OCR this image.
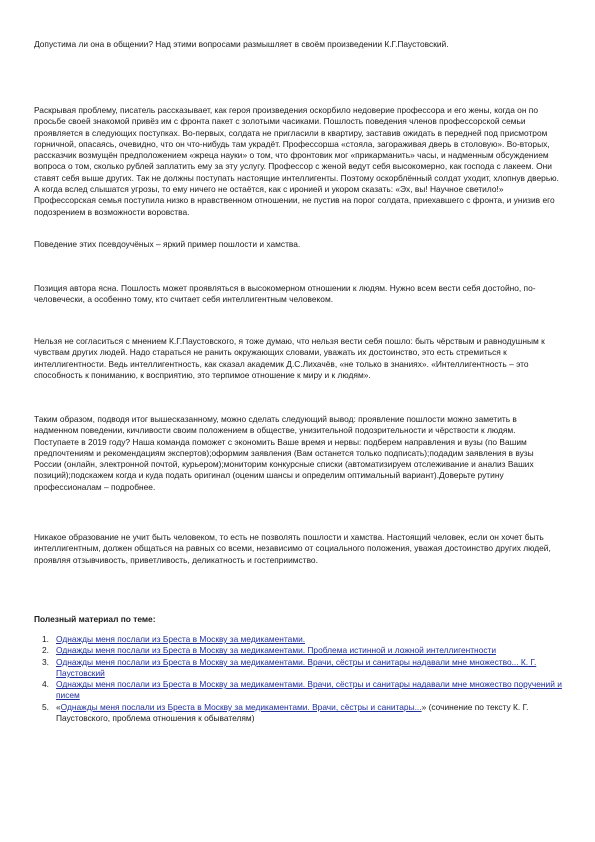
Допустима ли она в общении? Над этими вопросами размышляет в своём произведении К.Г.Паустовский.

Раскрывая проблему, писатель рассказывает, как героя произведения оскорбило недоверие профессора и его жены, когда он по просьбе своей знакомой привёз им с фронта пакет с золотыми часиками. Пошлость поведения членов профессорской семьи проявляется в следующих поступках. Во-первых, солдата не пригласили в квартиру, заставив ожидать в передней под присмотром горничной, опасаясь, очевидно, что он что-нибудь там украдёт. Профессорша «стояла, загораживая дверь в столовую». Во-вторых, рассказчик возмущён предположением «жреца науки» о том, что фронтовик мог «прикарманить» часы, и надменным обсуждением вопроса о том, сколько рублей заплатить ему за эту услугу. Профессор с женой ведут себя высокомерно, как господа с лакеем. Они ставят себя выше других. Так не должны поступать настоящие интеллигенты. Поэтому оскорблённый солдат уходит, хлопнув дверью. А когда вслед слышатся угрозы, то ему ничего не остаётся, как с иронией и укором сказать: «Эх, вы! Научное светило!» Профессорская семья поступила низко в нравственном отношении, не пустив на порог солдата, приехавшего с фронта, и унизив его подозрением в возможности воровства.

Поведение этих псевдоучёных – яркий пример пошлости и хамства.

Позиция автора ясна. Пошлость может проявляться в высокомерном отношении к людям. Нужно всем вести себя достойно, по-человечески, а особенно тому, кто считает себя интеллигентным человеком.

Нельзя не согласиться с мнением К.Г.Паустовского, я тоже думаю, что нельзя вести себя пошло: быть чёрствым и равнодушным к чувствам других людей. Надо стараться не ранить окружающих словами, уважать их достоинство, это есть стремиться к интеллигентности. Ведь интеллигентность, как сказал академик Д.С.Лихачёв, «не только в знаниях». «Интеллигентность – это способность к пониманию, к восприятию, это терпимое отношение к миру и к людям».

Таким образом, подводя итог вышесказанному, можно сделать следующий вывод: проявление пошлости можно заметить в надменном поведении, кичливости своим положением в обществе, унизительной подозрительности и чёрствости к людям. Поступаете в 2019 году? Наша команда поможет с экономить Ваше время и нервы: подберем направления и вузы (по Вашим предпочтениям и рекомендациям экспертов);оформим заявления (Вам останется только подписать);подадим заявления в вузы России (онлайн, электронной почтой, курьером);мониторим конкурсные списки (автоматизируем отслеживание и анализ Ваших позиций);подскажем когда и куда подать оригинал (оценим шансы и определим оптимальный вариант).Доверьте рутину профессионалам – подробнее.

Никакое образование не учит быть человеком, то есть не позволять пошлости и хамства. Настоящий человек, если он хочет быть интеллигентным, должен общаться на равных со всеми, независимо от социального положения, уважая достоинство других людей, проявляя отзывчивость, приветливость, деликатность и гостеприимство.

Полезный материал по теме:
1. Однажды меня послали из Бреста в Москву за медикаментами.
2. Однажды меня послали из Бреста в Москву за медикаментами. Проблема истинной и ложной интеллигентности
3. Однажды меня послали из Бреста в Москву за медикаментами. Врачи, сёстры и санитары надавали мне множество... К. Г. Паустовский
4. Однажды меня послали из Бреста в Москву за медикаментами. Врачи, сёстры и санитары надавали мне множество поручений и писем
5. «Однажды меня послали из Бреста в Москву за медикаментами. Врачи, сёстры и санитары...» (сочинение по тексту К. Г. Паустовского, проблема отношения к обывателям)
